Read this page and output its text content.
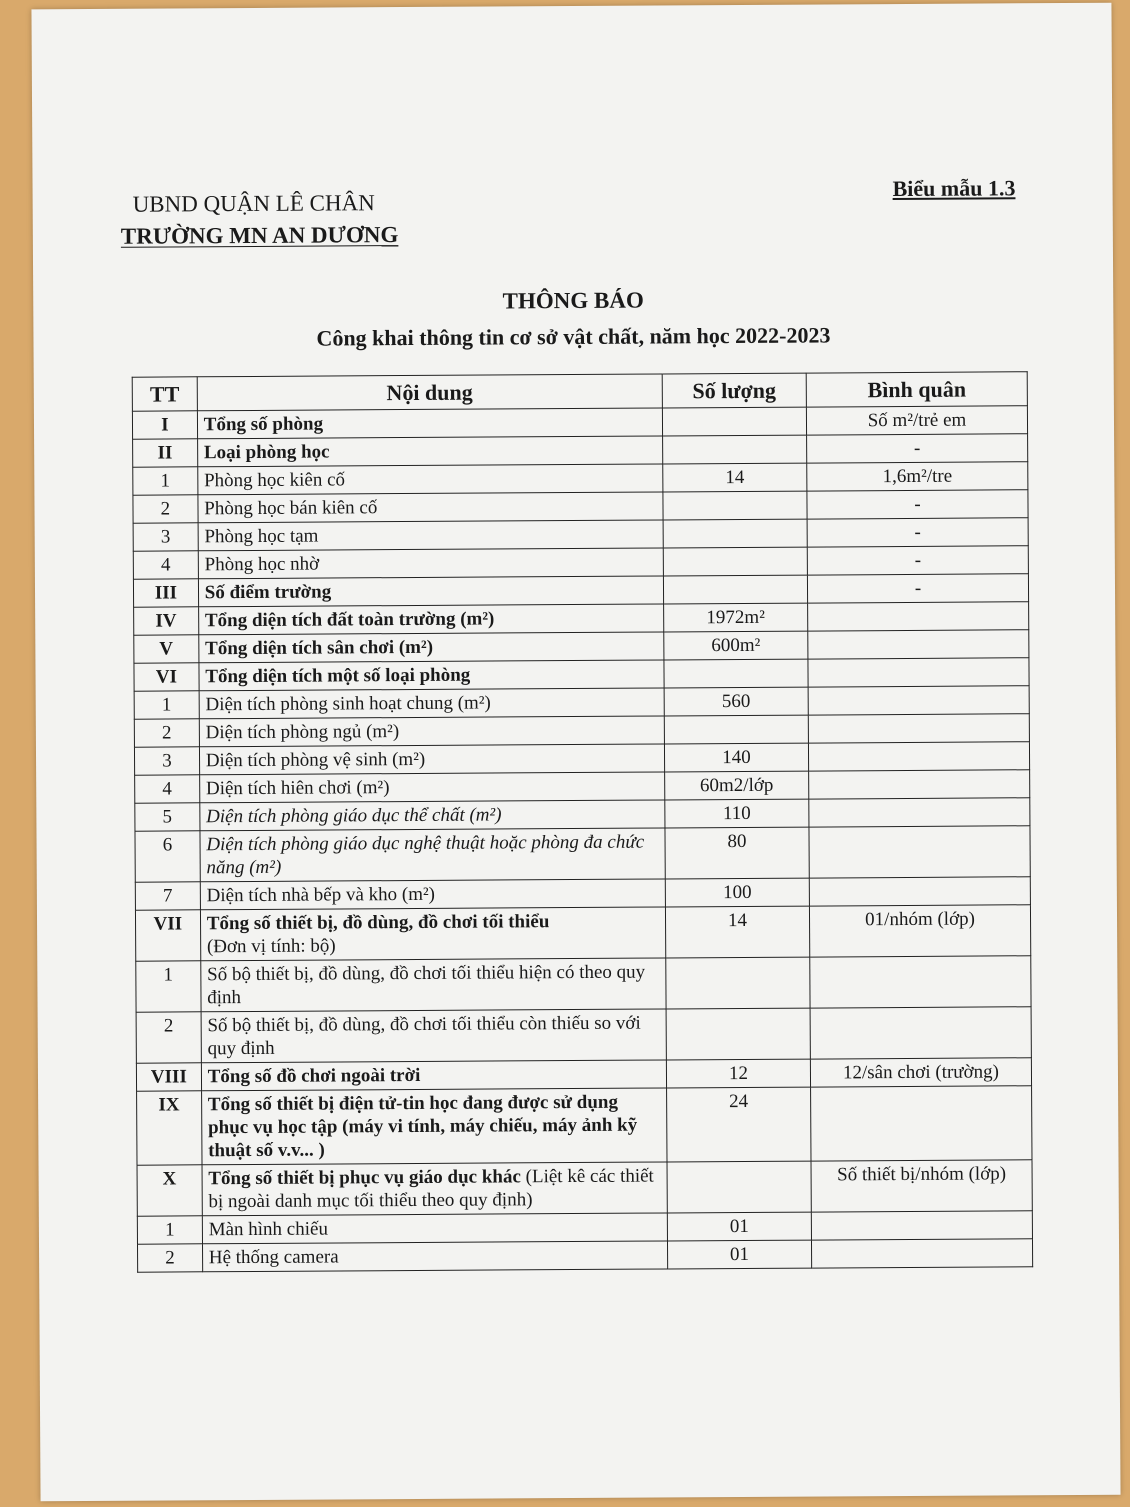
UBND QUẬN LÊ CHÂN
TRƯỜNG MN AN DƯƠNG
Biểu mẫu 1.3
THÔNG BÁO
Công khai thông tin cơ sở vật chất, năm học 2022-2023
TT	Nội dung	Số lượng	Bình quân
I	Tổng số phòng		Số m²/trẻ em
II	Loại phòng học		-
1	Phòng học kiên cố	14	1,6m²/tre
2	Phòng học bán kiên cố		-
3	Phòng học tạm		-
4	Phòng học nhờ		-
III	Số điểm trường		-
IV	Tổng diện tích đất toàn trường (m²)	1972m²	
V	Tổng diện tích sân chơi (m²)	600m²	
VI	Tổng diện tích một số loại phòng		
1	Diện tích phòng sinh hoạt chung (m²)	560	
2	Diện tích phòng ngủ (m²)		
3	Diện tích phòng vệ sinh (m²)	140	
4	Diện tích hiên chơi (m²)	60m2/lớp	
5	Diện tích phòng giáo dục thể chất (m²)	110	
6	Diện tích phòng giáo dục nghệ thuật hoặc phòng đa chức năng (m²)	80	
7	Diện tích nhà bếp và kho (m²)	100	
VII	Tổng số thiết bị, đồ dùng, đồ chơi tối thiểu
(Đơn vị tính: bộ)	14	01/nhóm (lớp)
1	Số bộ thiết bị, đồ dùng, đồ chơi tối thiểu hiện có theo quy định		
2	Số bộ thiết bị, đồ dùng, đồ chơi tối thiểu còn thiếu so với quy định		
VIII	Tổng số đồ chơi ngoài trời	12	12/sân chơi (trường)
IX	Tổng số thiết bị điện tử-tin học đang được sử dụng phục vụ học tập (máy vi tính, máy chiếu, máy ảnh kỹ thuật số v.v... )	24	
X	Tổng số thiết bị phục vụ giáo dục khác (Liệt kê các thiết bị ngoài danh mục tối thiểu theo quy định)		Số thiết bị/nhóm (lớp)
1	Màn hình chiếu	01	
2	Hệ thống camera	01	
